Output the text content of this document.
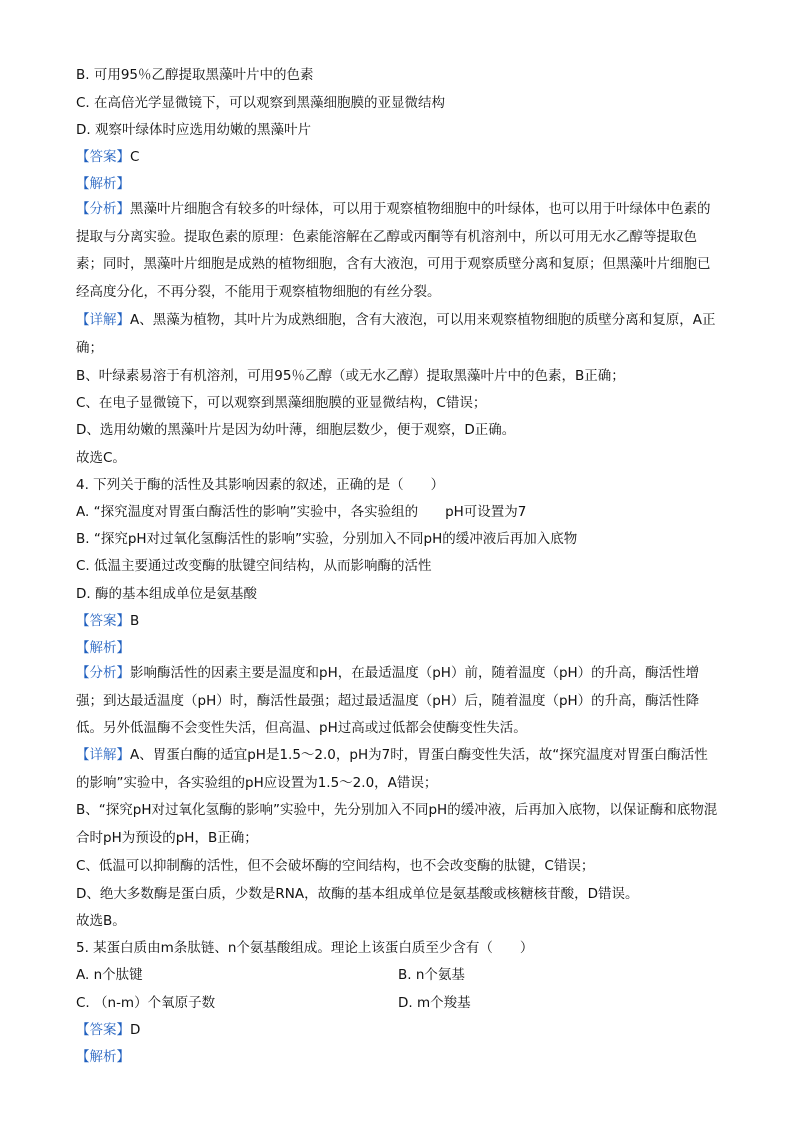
B. 可用95％乙醇提取黑藻叶片中的色素
C. 在高倍光学显微镜下，可以观察到黑藻细胞膜的亚显微结构
D. 观察叶绿体时应选用幼嫩的黑藻叶片
【答案】C
【解析】
【分析】黑藻叶片细胞含有较多的叶绿体，可以用于观察植物细胞中的叶绿体，也可以用于叶绿体中色素的提取与分离实验。提取色素的原理：色素能溶解在乙醇或丙酮等有机溶剂中，所以可用无水乙醇等提取色素；同时，黑藻叶片细胞是成熟的植物细胞，含有大液泡，可用于观察质壁分离和复原；但黑藻叶片细胞已经高度分化，不再分裂，不能用于观察植物细胞的有丝分裂。
【详解】A、黑藻为植物，其叶片为成熟细胞，含有大液泡，可以用来观察植物细胞的质壁分离和复原，A正确；
B、叶绿素易溶于有机溶剂，可用95％乙醇（或无水乙醇）提取黑藻叶片中的色素，B正确；
C、在电子显微镜下，可以观察到黑藻细胞膜的亚显微结构，C错误；
D、选用幼嫩的黑藻叶片是因为幼叶薄，细胞层数少，便于观察，D正确。
故选C。
4. 下列关于酶的活性及其影响因素的叙述，正确的是（　　）
A. “探究温度对胃蛋白酶活性的影响”实验中，各实验组的　　pH可设置为7
B. “探究pH对过氧化氢酶活性的影响”实验，分别加入不同pH的缓冲液后再加入底物
C. 低温主要通过改变酶的肽键空间结构，从而影响酶的活性
D. 酶的基本组成单位是氨基酸
【答案】B
【解析】
【分析】影响酶活性的因素主要是温度和pH，在最适温度（pH）前，随着温度（pH）的升高，酶活性增强；到达最适温度（pH）时，酶活性最强；超过最适温度（pH）后，随着温度（pH）的升高，酶活性降低。另外低温酶不会变性失活，但高温、pH过高或过低都会使酶变性失活。
【详解】A、胃蛋白酶的适宜pH是1.5～2.0，pH为7时，胃蛋白酶变性失活，故“探究温度对胃蛋白酶活性的影响”实验中，各实验组的pH应设置为1.5～2.0，A错误；
B、“探究pH对过氧化氢酶的影响”实验中，先分别加入不同pH的缓冲液，后再加入底物，以保证酶和底物混合时pH为预设的pH，B正确；
C、低温可以抑制酶的活性，但不会破坏酶的空间结构，也不会改变酶的肽键，C错误；
D、绝大多数酶是蛋白质，少数是RNA，故酶的基本组成单位是氨基酸或核糖核苷酸，D错误。
故选B。
5. 某蛋白质由m条肽链、n个氨基酸组成。理论上该蛋白质至少含有（　　）
A. n个肽键	B. n个氨基
C. （n-m）个氧原子数	D. m个羧基
【答案】D
【解析】
